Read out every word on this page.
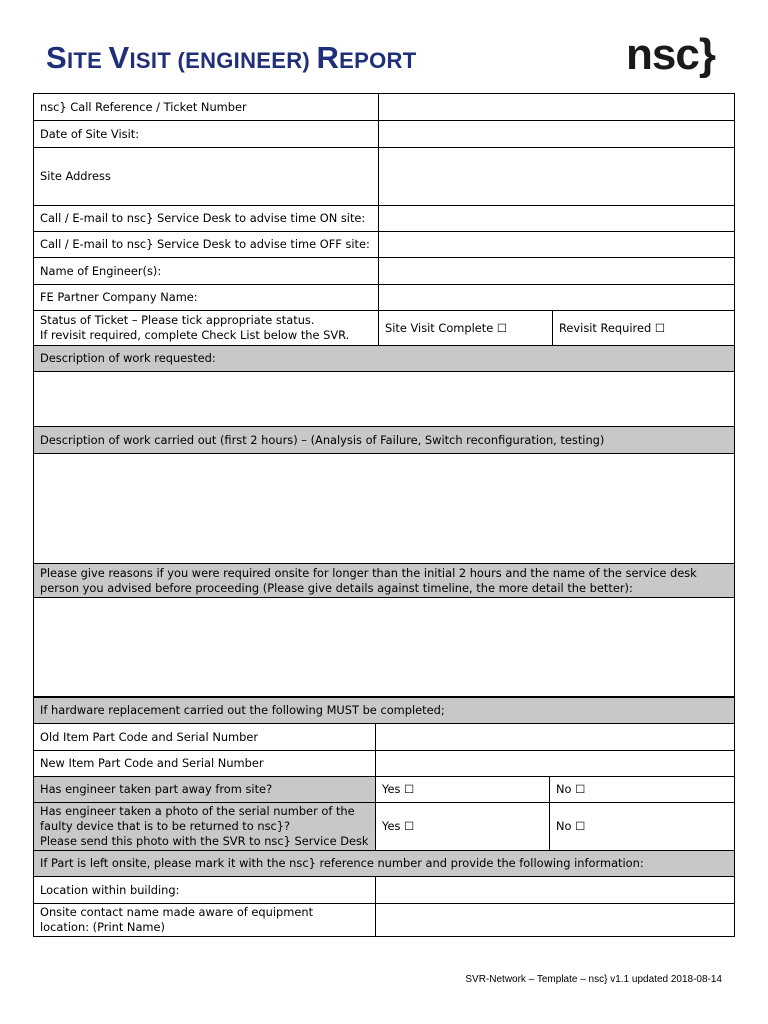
SITE VISIT (ENGINEER) REPORT	nsc}
nsc} Call Reference / Ticket Number		
Date of Site Visit:		
Site Address		
Call / E-mail to nsc} Service Desk to advise time ON site:		
Call / E-mail to nsc} Service Desk to advise time OFF site:		
Name of Engineer(s):		
FE Partner Company Name:		
Status of Ticket – Please tick appropriate status.
If revisit required, complete Check List below the SVR.	Site Visit Complete ☐	Revisit Required ☐
Description of work requested:		

Description of work carried out (first 2 hours) – (Analysis of Failure, Switch reconfiguration, testing)		

Please give reasons if you were required onsite for longer than the initial 2 hours and the name of the service desk
person you advised before proceeding (Please give details against timeline, the more detail the better):		

If hardware replacement carried out the following MUST be completed;		
Old Item Part Code and Serial Number		
New Item Part Code and Serial Number		
Has engineer taken part away from site?	Yes ☐	No ☐
Has engineer taken a photo of the serial number of the
faulty device that is to be returned to nsc}?
Please send this photo with the SVR to nsc} Service Desk	Yes ☐	No ☐
If Part is left onsite, please mark it with the nsc} reference number and provide the following information:		
Location within building:		
Onsite contact name made aware of equipment
location: (Print Name)		
SVR-Network – Template – nsc} v1.1 updated 2018-08-14
